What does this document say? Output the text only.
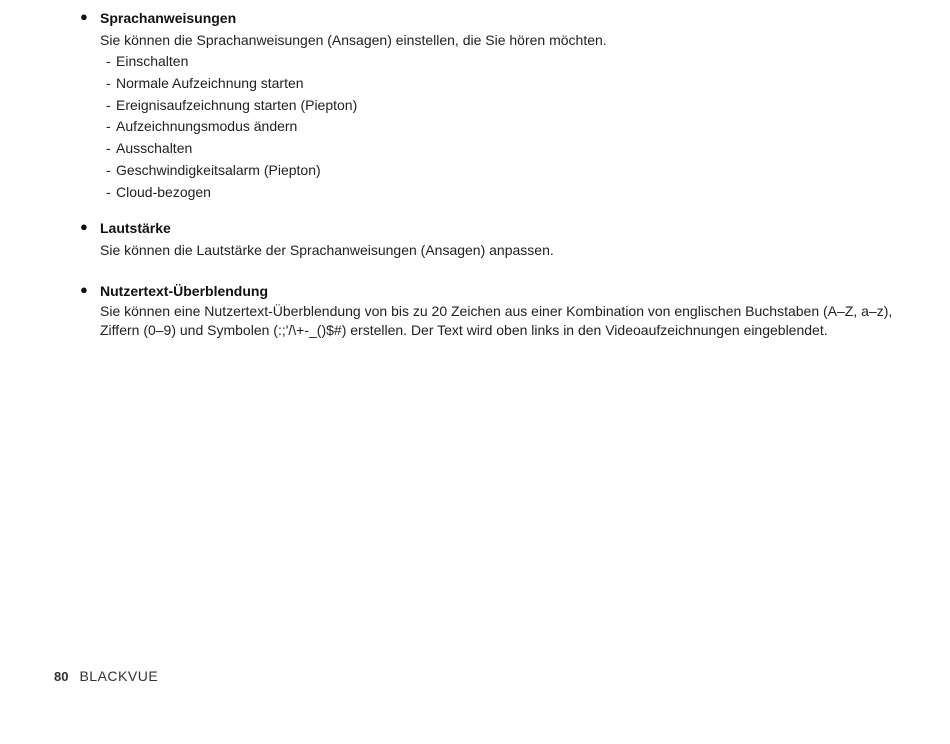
● Sprachanweisungen
Sie können die Sprachanweisungen (Ansagen) einstellen, die Sie hören möchten.
- Einschalten
- Normale Aufzeichnung starten
- Ereignisaufzeichnung starten (Piepton)
- Aufzeichnungsmodus ändern
- Ausschalten
- Geschwindigkeitsalarm (Piepton)
- Cloud-bezogen
● Lautstärke
Sie können die Lautstärke der Sprachanweisungen (Ansagen) anpassen.
● Nutzertext-Überblendung
Sie können eine Nutzertext-Überblendung von bis zu 20 Zeichen aus einer Kombination von englischen Buchstaben (A–Z, a–z),
Ziffern (0–9) und Symbolen (:;'/\+-_()$#) erstellen. Der Text wird oben links in den Videoaufzeichnungen eingeblendet.
80 BLACKVUE
